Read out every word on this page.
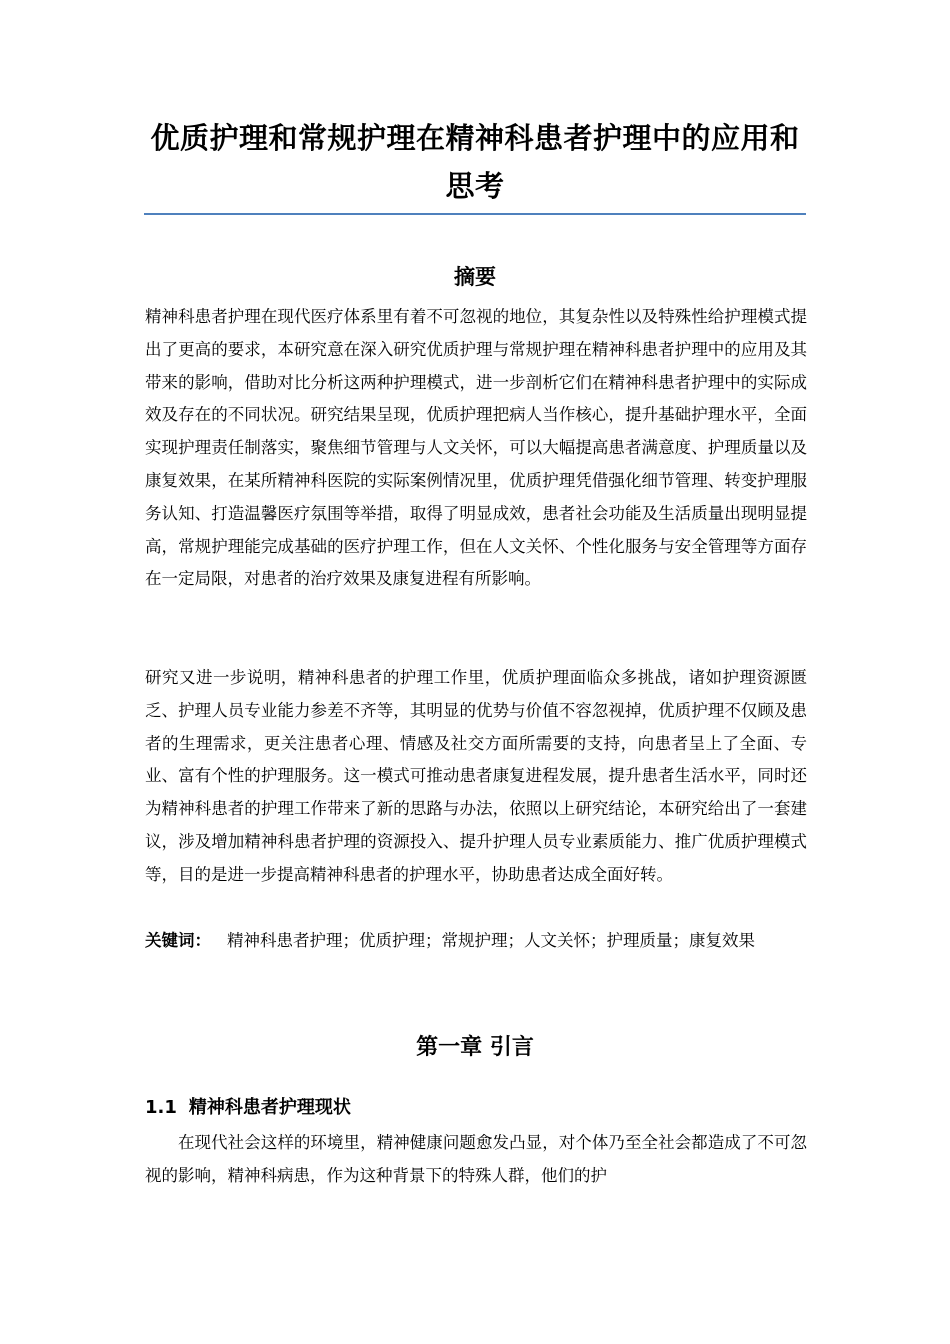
优质护理和常规护理在精神科患者护理中的应用和思考
摘要

精神科患者护理在现代医疗体系里有着不可忽视的地位，其复杂性以及特殊性给护理模式提出了更高的要求，本研究意在深入研究优质护理与常规护理在精神科患者护理中的应用及其带来的影响，借助对比分析这两种护理模式，进一步剖析它们在精神科患者护理中的实际成效及存在的不同状况。研究结果呈现，优质护理把病人当作核心，提升基础护理水平，全面实现护理责任制落实，聚焦细节管理与人文关怀，可以大幅提高患者满意度、护理质量以及康复效果，在某所精神科医院的实际案例情况里，优质护理凭借强化细节管理、转变护理服务认知、打造温馨医疗氛围等举措，取得了明显成效，患者社会功能及生活质量出现明显提高，常规护理能完成基础的医疗护理工作，但在人文关怀、个性化服务与安全管理等方面存在一定局限，对患者的治疗效果及康复进程有所影响。

研究又进一步说明，精神科患者的护理工作里，优质护理面临众多挑战，诸如护理资源匮乏、护理人员专业能力参差不齐等，其明显的优势与价值不容忽视掉，优质护理不仅顾及患者的生理需求，更关注患者心理、情感及社交方面所需要的支持，向患者呈上了全面、专业、富有个性的护理服务。这一模式可推动患者康复进程发展，提升患者生活水平，同时还为精神科患者的护理工作带来了新的思路与办法，依照以上研究结论，本研究给出了一套建议，涉及增加精神科患者护理的资源投入、提升护理人员专业素质能力、推广优质护理模式等，目的是进一步提高精神科患者的护理水平，协助患者达成全面好转。

关键词： 精神科患者护理；优质护理；常规护理；人文关怀；护理质量；康复效果

第一章 引言
1.1 精神科患者护理现状

在现代社会这样的环境里，精神健康问题愈发凸显，对个体乃至全社会都造成了不可忽视的影响，精神科病患，作为这种背景下的特殊人群，他们的护
